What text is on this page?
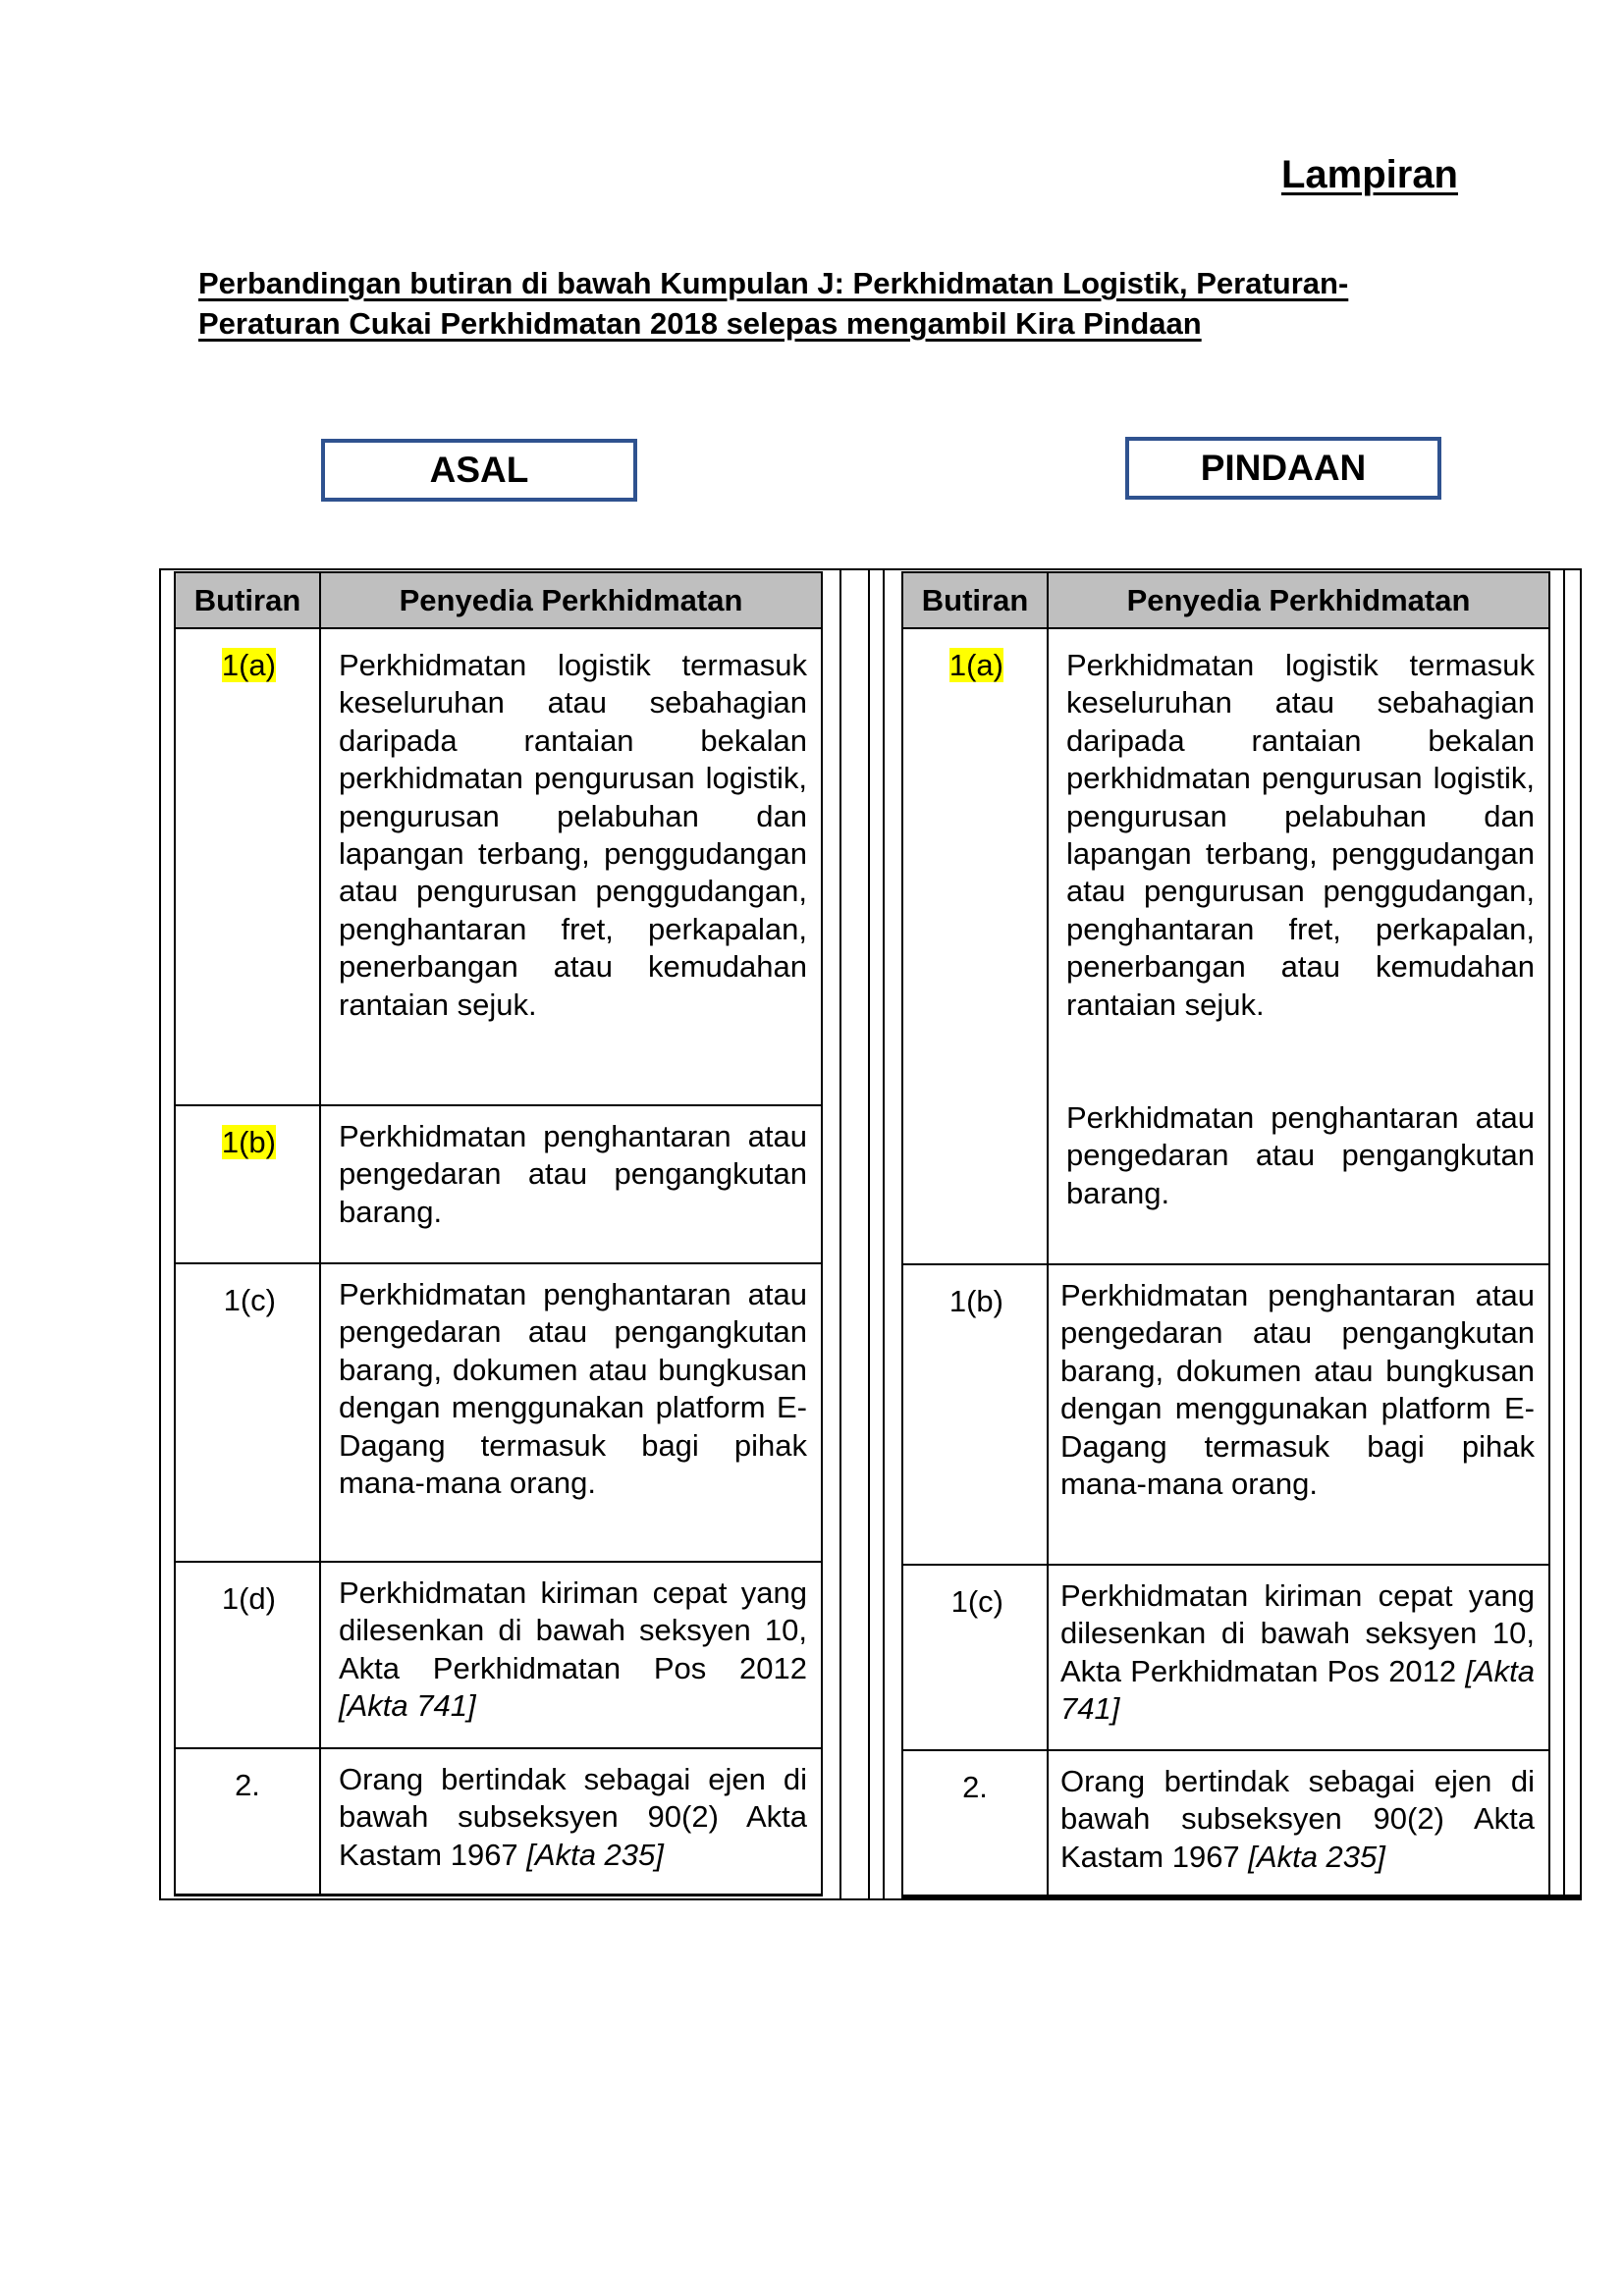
Lampiran
Perbandingan butiran di bawah Kumpulan J: Perkhidmatan Logistik, Peraturan-Peraturan Cukai Perkhidmatan 2018 selepas mengambil Kira Pindaan
ASAL	PINDAAN
Butiran	Penyedia Perkhidmatan
1(a)	Perkhidmatan logistik termasuk keseluruhan atau sebahagian daripada rantaian bekalan perkhidmatan pengurusan logistik, pengurusan pelabuhan dan lapangan terbang, penggudangan atau pengurusan penggudangan, penghantaran fret, perkapalan, penerbangan atau kemudahan rantaian sejuk.

1(b)	Perkhidmatan penghantaran atau pengedaran atau pengangkutan barang.

1(c)	Perkhidmatan penghantaran atau pengedaran atau pengangkutan barang, dokumen atau bungkusan dengan menggunakan platform E-Dagang termasuk bagi pihak mana-mana orang.

1(d)	Perkhidmatan kiriman cepat yang dilesenkan di bawah seksyen 10, Akta Perkhidmatan Pos 2012 [Akta 741]

2.	Orang bertindak sebagai ejen di bawah subseksyen 90(2) Akta Kastam 1967 [Akta 235]

Butiran	Penyedia Perkhidmatan
1(a)	Perkhidmatan logistik termasuk keseluruhan atau sebahagian daripada rantaian bekalan perkhidmatan pengurusan logistik, pengurusan pelabuhan dan lapangan terbang, penggudangan atau pengurusan penggudangan, penghantaran fret, perkapalan, penerbangan atau kemudahan rantaian sejuk.

Perkhidmatan penghantaran atau pengedaran atau pengangkutan barang.

1(b)	Perkhidmatan penghantaran atau pengedaran atau pengangkutan barang, dokumen atau bungkusan dengan menggunakan platform E-Dagang termasuk bagi pihak mana-mana orang.

1(c)	Perkhidmatan kiriman cepat yang dilesenkan di bawah seksyen 10, Akta Perkhidmatan Pos 2012 [Akta 741]

2.	Orang bertindak sebagai ejen di bawah subseksyen 90(2) Akta Kastam 1967 [Akta 235]
